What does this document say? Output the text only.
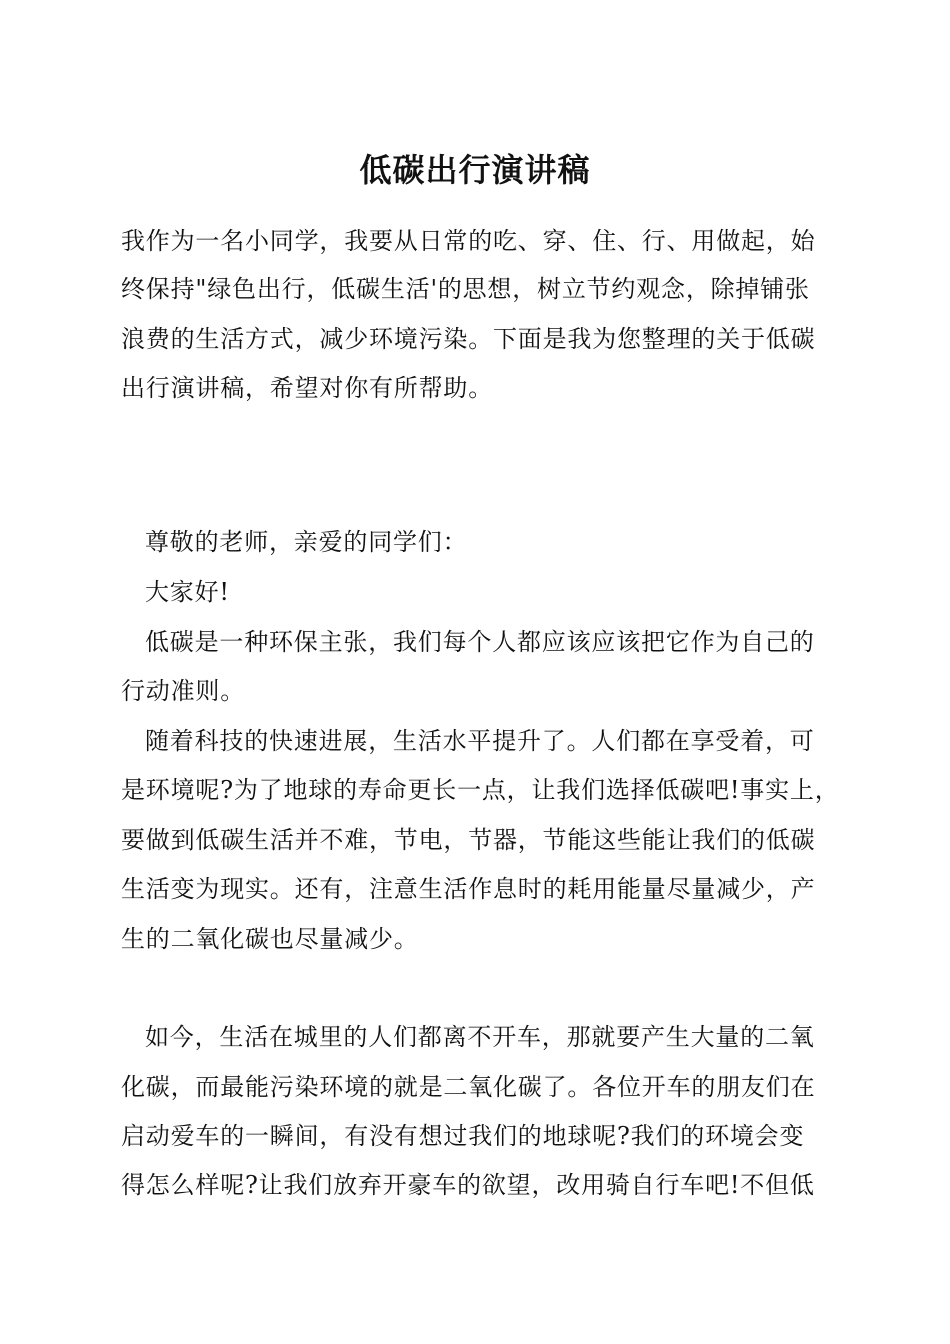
低碳出行演讲稿
我作为一名小同学，我要从日常的吃、穿、住、行、用做起，始
终保持"绿色出行，低碳生活'的思想，树立节约观念，除掉铺张
浪费的生活方式，减少环境污染。下面是我为您整理的关于低碳
出行演讲稿，希望对你有所帮助。
尊敬的老师，亲爱的同学们：
大家好!
低碳是一种环保主张，我们每个人都应该应该把它作为自己的
行动准则。
随着科技的快速进展，生活水平提升了。人们都在享受着，可
是环境呢?为了地球的寿命更长一点，让我们选择低碳吧!事实上，
要做到低碳生活并不难，节电，节器，节能这些能让我们的低碳
生活变为现实。还有，注意生活作息时的耗用能量尽量减少，产
生的二氧化碳也尽量减少。
如今，生活在城里的人们都离不开车，那就要产生大量的二氧
化碳，而最能污染环境的就是二氧化碳了。各位开车的朋友们在
启动爱车的一瞬间，有没有想过我们的地球呢?我们的环境会变
得怎么样呢?让我们放弃开豪车的欲望，改用骑自行车吧!不但低
